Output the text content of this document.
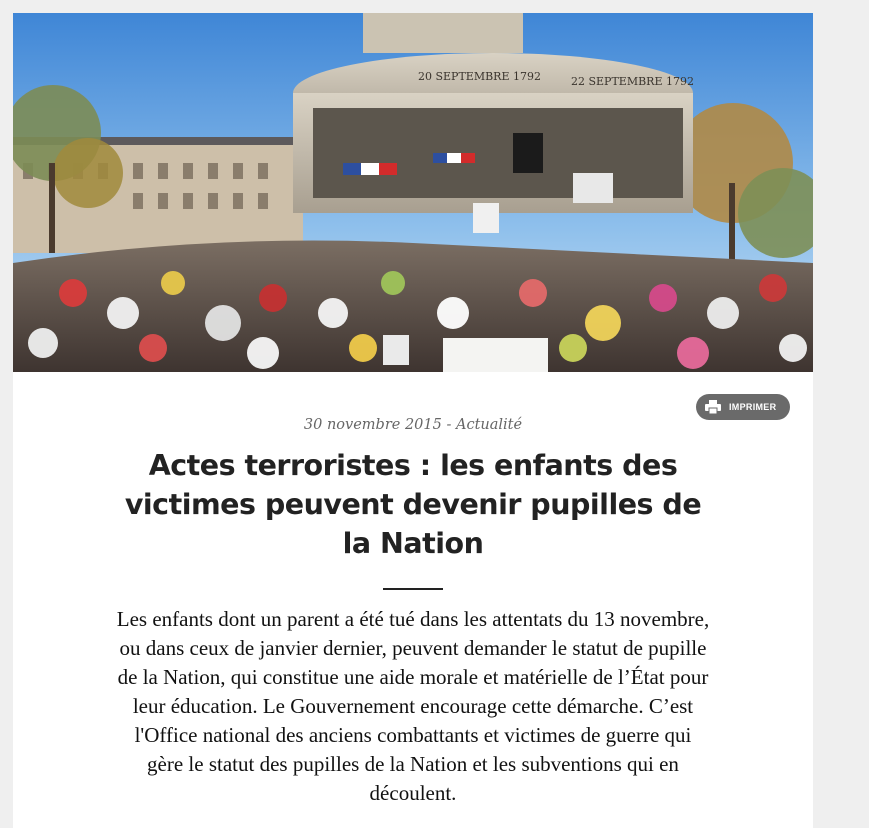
20 SEPTEMBRE 1792	22 SEPTEMBRE 1792
IMPRIMER
30 novembre 2015 - Actualité
Actes terroristes : les enfants des victimes peuvent devenir pupilles de la Nation

Les enfants dont un parent a été tué dans les attentats du 13 novembre, ou dans ceux de janvier dernier, peuvent demander le statut de pupille de la Nation, qui constitue une aide morale et matérielle de l’État pour leur éducation. Le Gouvernement encourage cette démarche. C’est l'Office national des anciens combattants et victimes de guerre qui gère le statut des pupilles de la Nation et les subventions qui en découlent.
